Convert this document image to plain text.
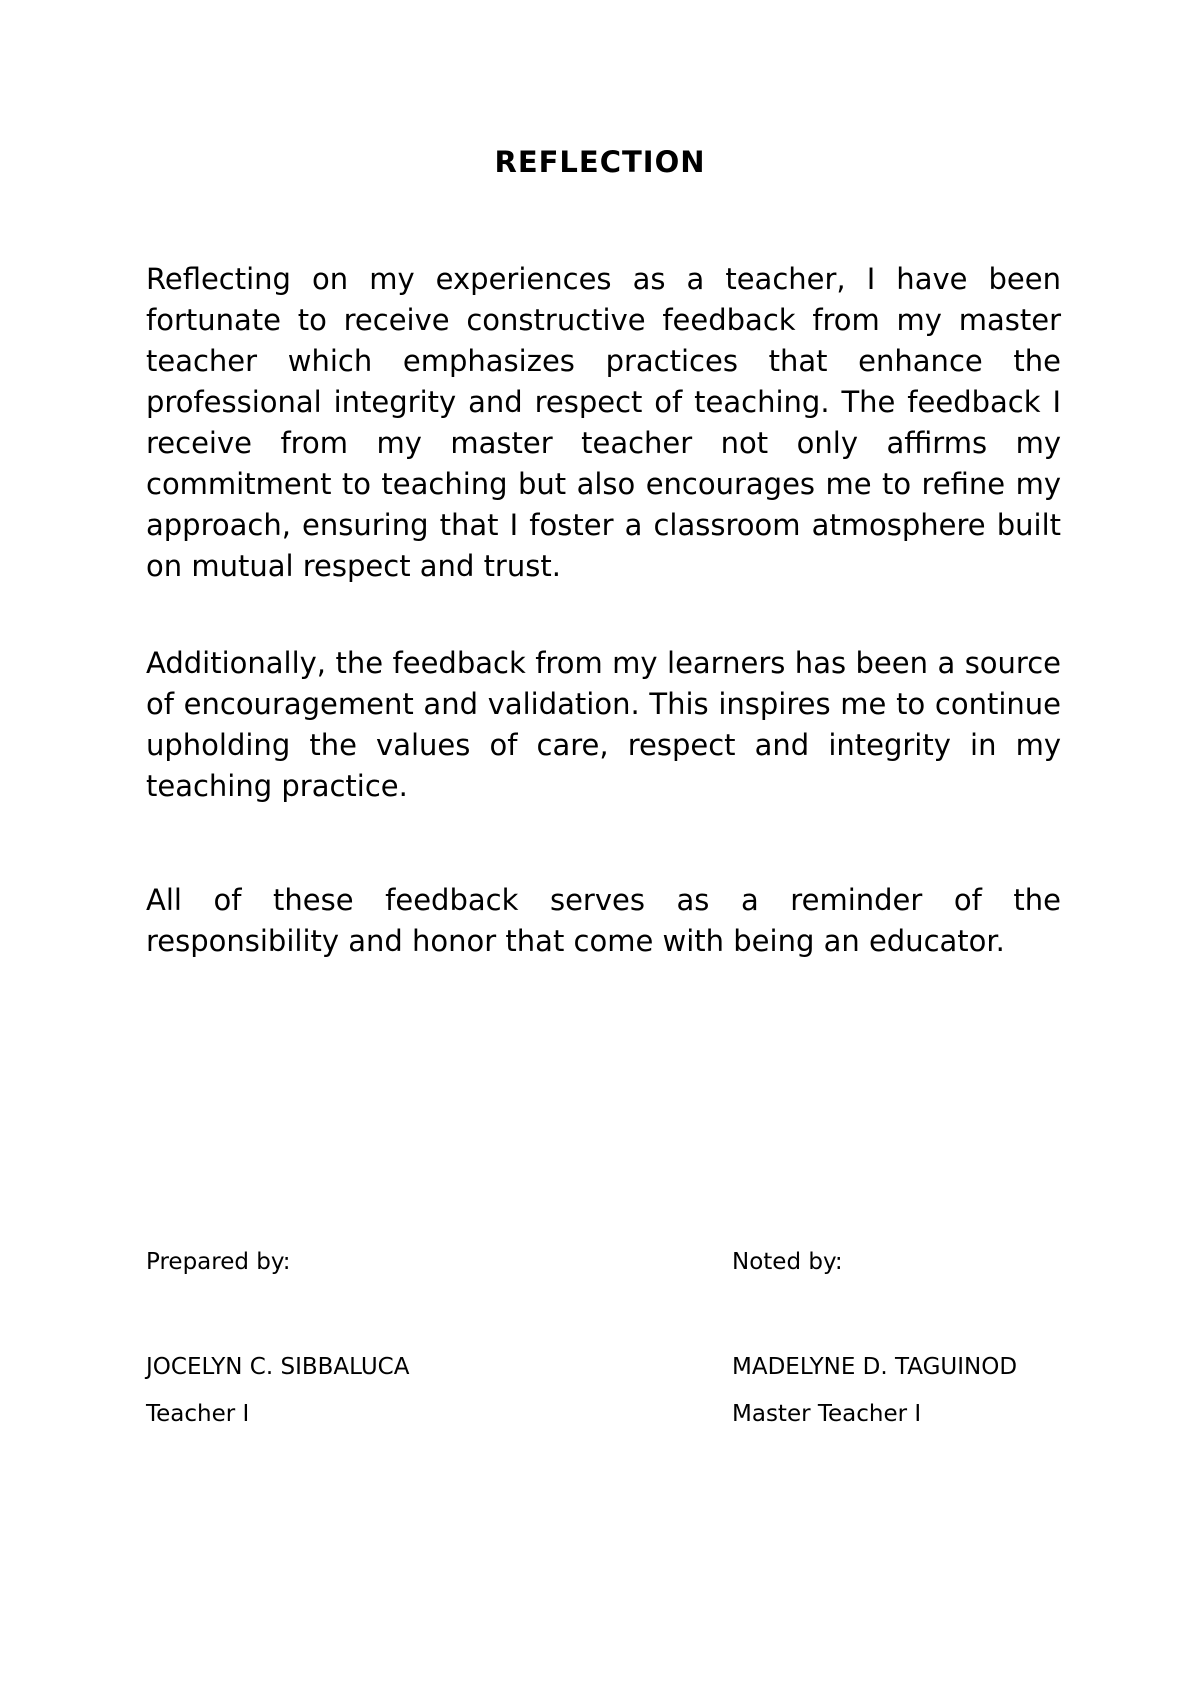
REFLECTION

Reflecting on my experiences as a teacher, I have been fortunate to receive constructive feedback from my master teacher which emphasizes practices that enhance the professional integrity and respect of teaching. The feedback I receive from my master teacher not only affirms my commitment to teaching but also encourages me to refine my approach, ensuring that I foster a classroom atmosphere built on mutual respect and trust.

Additionally, the feedback from my learners has been a source of encouragement and validation. This inspires me to continue upholding the values of care, respect and integrity in my teaching practice.

All of these feedback serves as a reminder of the responsibility and honor that come with being an educator.

Prepared by:

JOCELYN C. SIBBALUCA

Teacher I

Noted by:

MADELYNE D. TAGUINOD

Master Teacher I
